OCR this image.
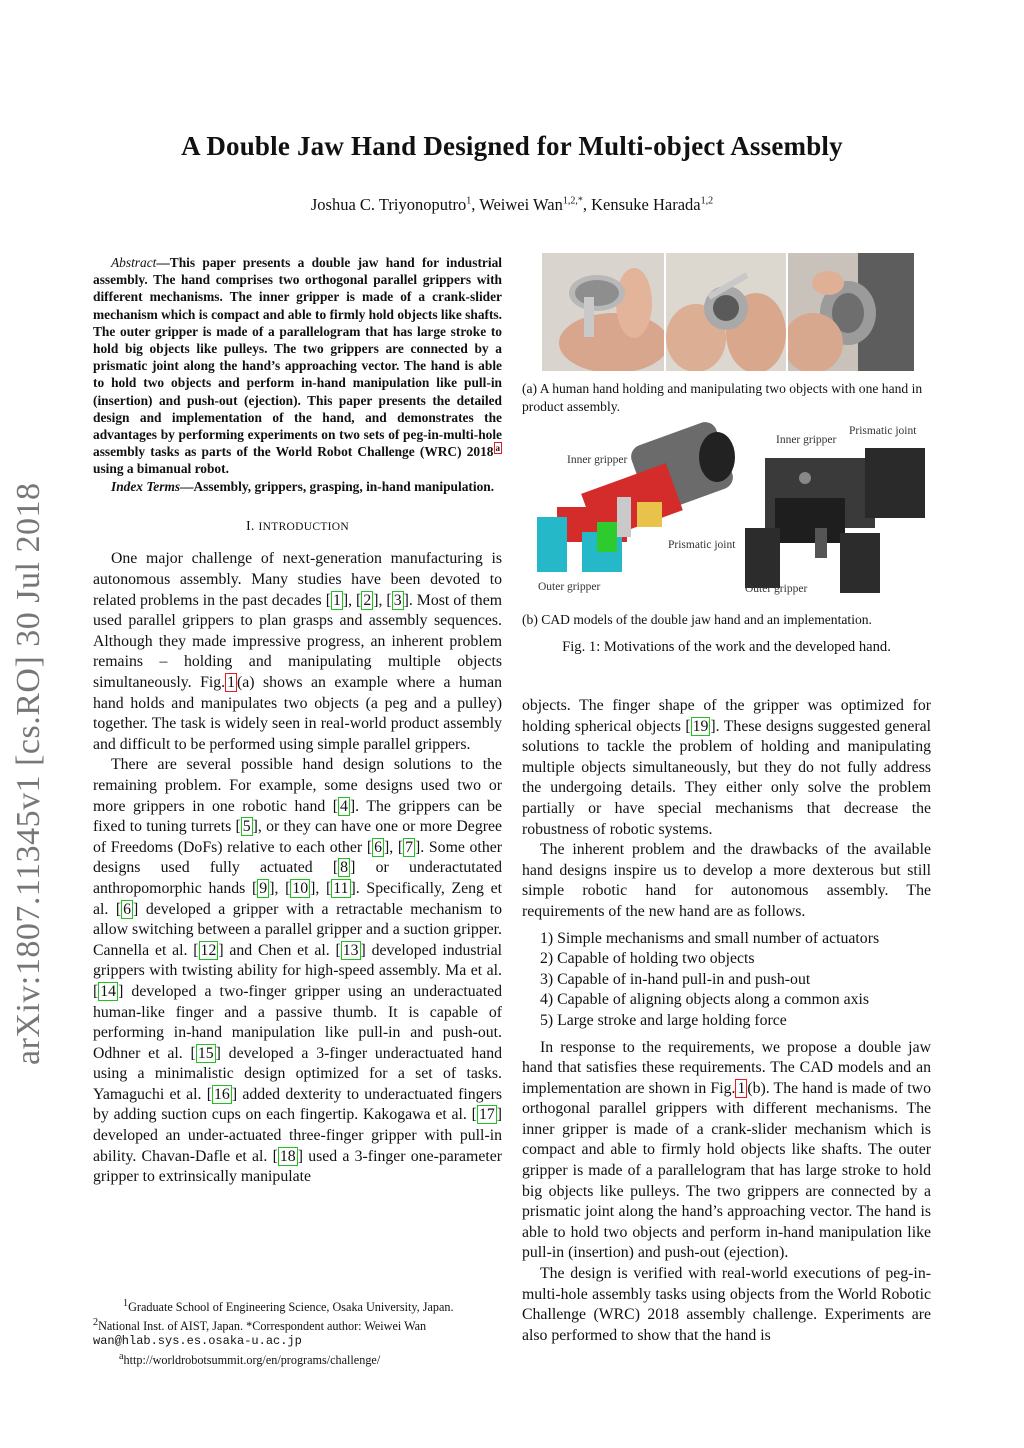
arXiv:1807.11345v1 [cs.RO] 30 Jul 2018
A Double Jaw Hand Designed for Multi-object Assembly
Joshua C. Triyonoputro$^1$, Weiwei Wan$^{1,2,*}$, Kensuke Harada$^{1,2}$

Abstract—This paper presents a double jaw hand for industrial assembly. The hand comprises two orthogonal parallel grippers with different mechanisms. The inner gripper is made of a crank-slider mechanism which is compact and able to firmly hold objects like shafts. The outer gripper is made of a parallelogram that has large stroke to hold big objects like pulleys. The two grippers are connected by a prismatic joint along the hand’s approaching vector. The hand is able to hold two objects and perform in-hand manipulation like pull-in (insertion) and push-out (ejection). This paper presents the detailed design and implementation of the hand, and demonstrates the advantages by performing experiments on two sets of peg-in-multi-hole assembly tasks as parts of the World Robot Challenge (WRC) 2018 $^a$ using a bimanual robot.

Index Terms—Assembly, grippers, grasping, in-hand manipulation.

I. INTRODUCTION

One major challenge of next-generation manufacturing is autonomous assembly. Many studies have been devoted to related problems in the past decades [ 1 ], [ 2 ], [ 3 ]. Most of them used parallel grippers to plan grasps and assembly sequences. Although they made impressive progress, an inherent problem remains – holding and manipulating multiple objects simultaneously. Fig. 1 (a) shows an example where a human hand holds and manipulates two objects (a peg and a pulley) together. The task is widely seen in real-world product assembly and difficult to be performed using simple parallel grippers.

There are several possible hand design solutions to the remaining problem. For example, some designs used two or more grippers in one robotic hand [ 4 ]. The grippers can be fixed to tuning turrets [ 5 ], or they can have one or more Degree of Freedoms (DoFs) relative to each other [ 6 ], [ 7 ]. Some other designs used fully actuated [ 8 ] or underactutated anthropomorphic hands [ 9 ], [ 10 ], [ 11 ]. Specifically, Zeng et al. [ 6 ] developed a gripper with a retractable mechanism to allow switching between a parallel gripper and a suction gripper. Cannella et al. [ 12 ] and Chen et al. [ 13 ] developed industrial grippers with twisting ability for high-speed assembly. Ma et al. [ 14 ] developed a two-finger gripper using an underactuated human-like finger and a passive thumb. It is capable of performing in-hand manipulation like pull-in and push-out. Odhner et al. [ 15 ] developed a 3-finger underactuated hand using a minimalistic design optimized for a set of tasks. Yamaguchi et al. [ 16 ] added dexterity to underactuated fingers by adding suction cups on each fingertip. Kakogawa et al. [ 17 ] developed an under-actuated three-finger gripper with pull-in ability. Chavan-Dafle et al. [ 18 ] used a 3-finger one-parameter gripper to extrinsically manipulate

$^1$Graduate School of Engineering Science, Osaka University, Japan.
$^2$National Inst. of AIST, Japan. *Correspondent author: Weiwei Wan
wan@hlab.sys.es.osaka-u.ac.jp
$^a$http://worldrobotsummit.org/en/programs/challenge/
(a) A human hand holding and manipulating two objects with one hand in product assembly.
Inner gripper
Prismatic joint
Outer gripper
Inner gripper
Prismatic joint
Outer gripper
(b) CAD models of the double jaw hand and an implementation.
Fig. 1: Motivations of the work and the developed hand.

objects. The finger shape of the gripper was optimized for holding spherical objects [ 19 ]. These designs suggested general solutions to tackle the problem of holding and manipulating multiple objects simultaneously, but they do not fully address the undergoing details. They either only solve the problem partially or have special mechanisms that decrease the robustness of robotic systems.

The inherent problem and the drawbacks of the available hand designs inspire us to develop a more dexterous but still simple robotic hand for autonomous assembly. The requirements of the new hand are as follows.

1) Simple mechanisms and small number of actuators
2) Capable of holding two objects
3) Capable of in-hand pull-in and push-out
4) Capable of aligning objects along a common axis
5) Large stroke and large holding force

In response to the requirements, we propose a double jaw hand that satisfies these requirements. The CAD models and an implementation are shown in Fig. 1 (b). The hand is made of two orthogonal parallel grippers with different mechanisms. The inner gripper is made of a crank-slider mechanism which is compact and able to firmly hold objects like shafts. The outer gripper is made of a parallelogram that has large stroke to hold big objects like pulleys. The two grippers are connected by a prismatic joint along the hand’s approaching vector. The hand is able to hold two objects and perform in-hand manipulation like pull-in (insertion) and push-out (ejection).

The design is verified with real-world executions of peg-in-multi-hole assembly tasks using objects from the World Robotic Challenge (WRC) 2018 assembly challenge. Experiments are also performed to show that the hand is
